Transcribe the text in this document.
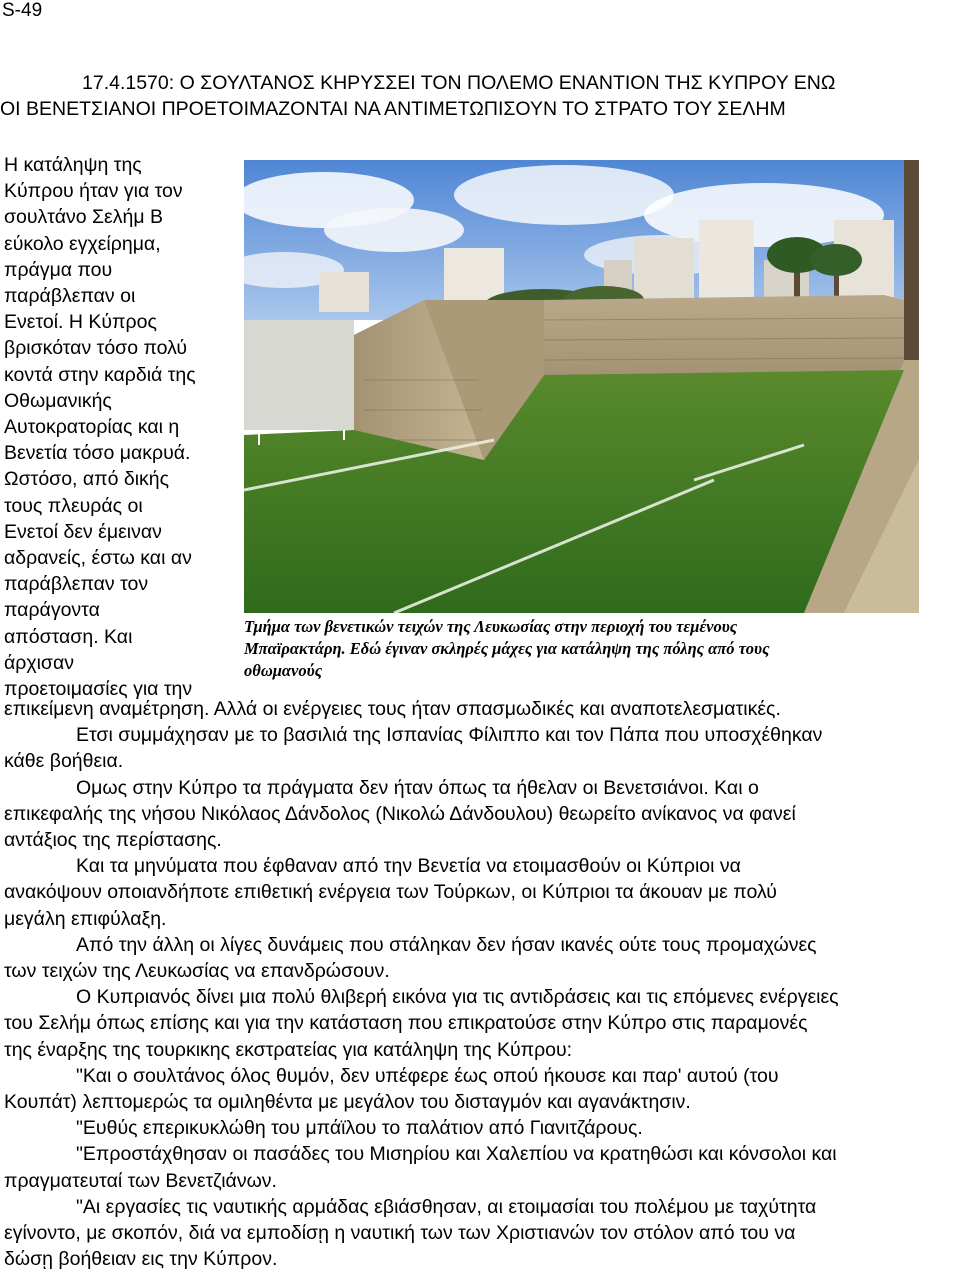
S-49
17.4.1570: Ο ΣΟΥΛΤΑΝΟΣ ΚΗΡΥΣΣΕΙ ΤΟΝ ΠΟΛΕΜΟ ΕΝΑΝΤΙΟΝ ΤΗΣ ΚΥΠΡΟΥ ΕΝΩ
ΟΙ ΒΕΝΕΤΣΙΑΝΟΙ ΠΡΟΕΤΟΙΜΑΖΟΝΤΑΙ ΝΑ ΑΝΤΙΜΕΤΩΠΙΣΟΥΝ ΤΟ ΣΤΡΑΤΟ ΤΟΥ ΣΕΛΗΜ
Η κατάληψη της
Κύπρου ήταν για τον
σουλτάνο Σελήμ Β
εύκολο εγχείρημα,
πράγμα που
παράβλεπαν οι
Ενετοί. Η Κύπρος
βρισκόταν τόσο πολύ
κοντά στην καρδιά της
Οθωμανικής
Αυτοκρατορίας και η
Βενετία τόσο μακρυά.
Ωστόσο, από δικής
τους πλευράς οι
Ενετοί δεν έμειναν
αδρανείς, έστω και αν
παράβλεπαν τον
παράγοντα
απόσταση. Και
άρχισαν
προετοιμασίες για την
Τμήμα των βενετικών τειχών της Λευκωσίας στην περιοχή του τεμένους
Μπαϊρακτάρη. Εδώ έγιναν σκληρές μάχες για κατάληψη της πόλης από τους
οθωμανούς
επικείμενη αναμέτρηση. Αλλά οι ενέργειες τους ήταν σπασμωδικές και αναποτελεσματικές.
Ετσι συμμάχησαν με το βασιλιά της Ισπανίας Φίλιππο και τον Πάπα που υποσχέθηκαν
κάθε βοήθεια.
Ομως στην Κύπρο τα πράγματα δεν ήταν όπως τα ήθελαν οι Βενετσιάνοι. Και ο
επικεφαλής της νήσου Νικόλαος Δάνδολος (Νικολώ Δάνδουλου) θεωρείτο ανίκανος να φανεί
αντάξιος της περίστασης.
Και τα μηνύματα που έφθαναν από την Βενετία να ετοιμασθούν οι Κύπριοι να
ανακόψουν οποιανδήποτε επιθετική ενέργεια των Τούρκων, οι Κύπριοι τα άκουαν με πολύ
μεγάλη επιφύλαξη.
Από την άλλη οι λίγες δυνάμεις που στάληκαν δεν ήσαν ικανές ούτε τους προμαχώνες
των τειχών της Λευκωσίας να επανδρώσουν.
Ο Κυπριανός δίνει μια πολύ θλιβερή εικόνα για τις αντιδράσεις και τις επόμενες ενέργειες
του Σελήμ όπως επίσης και για την κατάσταση που επικρατούσε στην Κύπρο στις παραμονές
της έναρξης της τουρκικης εκστρατείας για κατάληψη της Κύπρου:
"Και ο σουλτάνος όλος θυμόν, δεν υπέφερε έως οπού ήκουσε και παρ' αυτού (του
Κουπάτ) λεπτομερώς τα ομιληθέντα με μεγάλον του δισταγμόν και αγανάκτησιν.
"Ευθύς επερικυκλώθη του μπάϊλου το παλάτιον από Γιανιτζάρους.
"Επροστάχθησαν οι πασάδες του Μισηρίου και Χαλεπίου να κρατηθώσι και κόνσολοι και
πραγματευταί των Βενετζιάνων.
"Αι εργασίες τις ναυτικής αρμάδας εβιάσθησαν, αι ετοιμασίαι του πολέμου με ταχύτητα
εγίνοντο, με σκοπόν, διά να εμποδίσῃ η ναυτική των των Χριστιανών τον στόλον από του να
δώσῃ βοήθειαν εις την Κύπρον.
